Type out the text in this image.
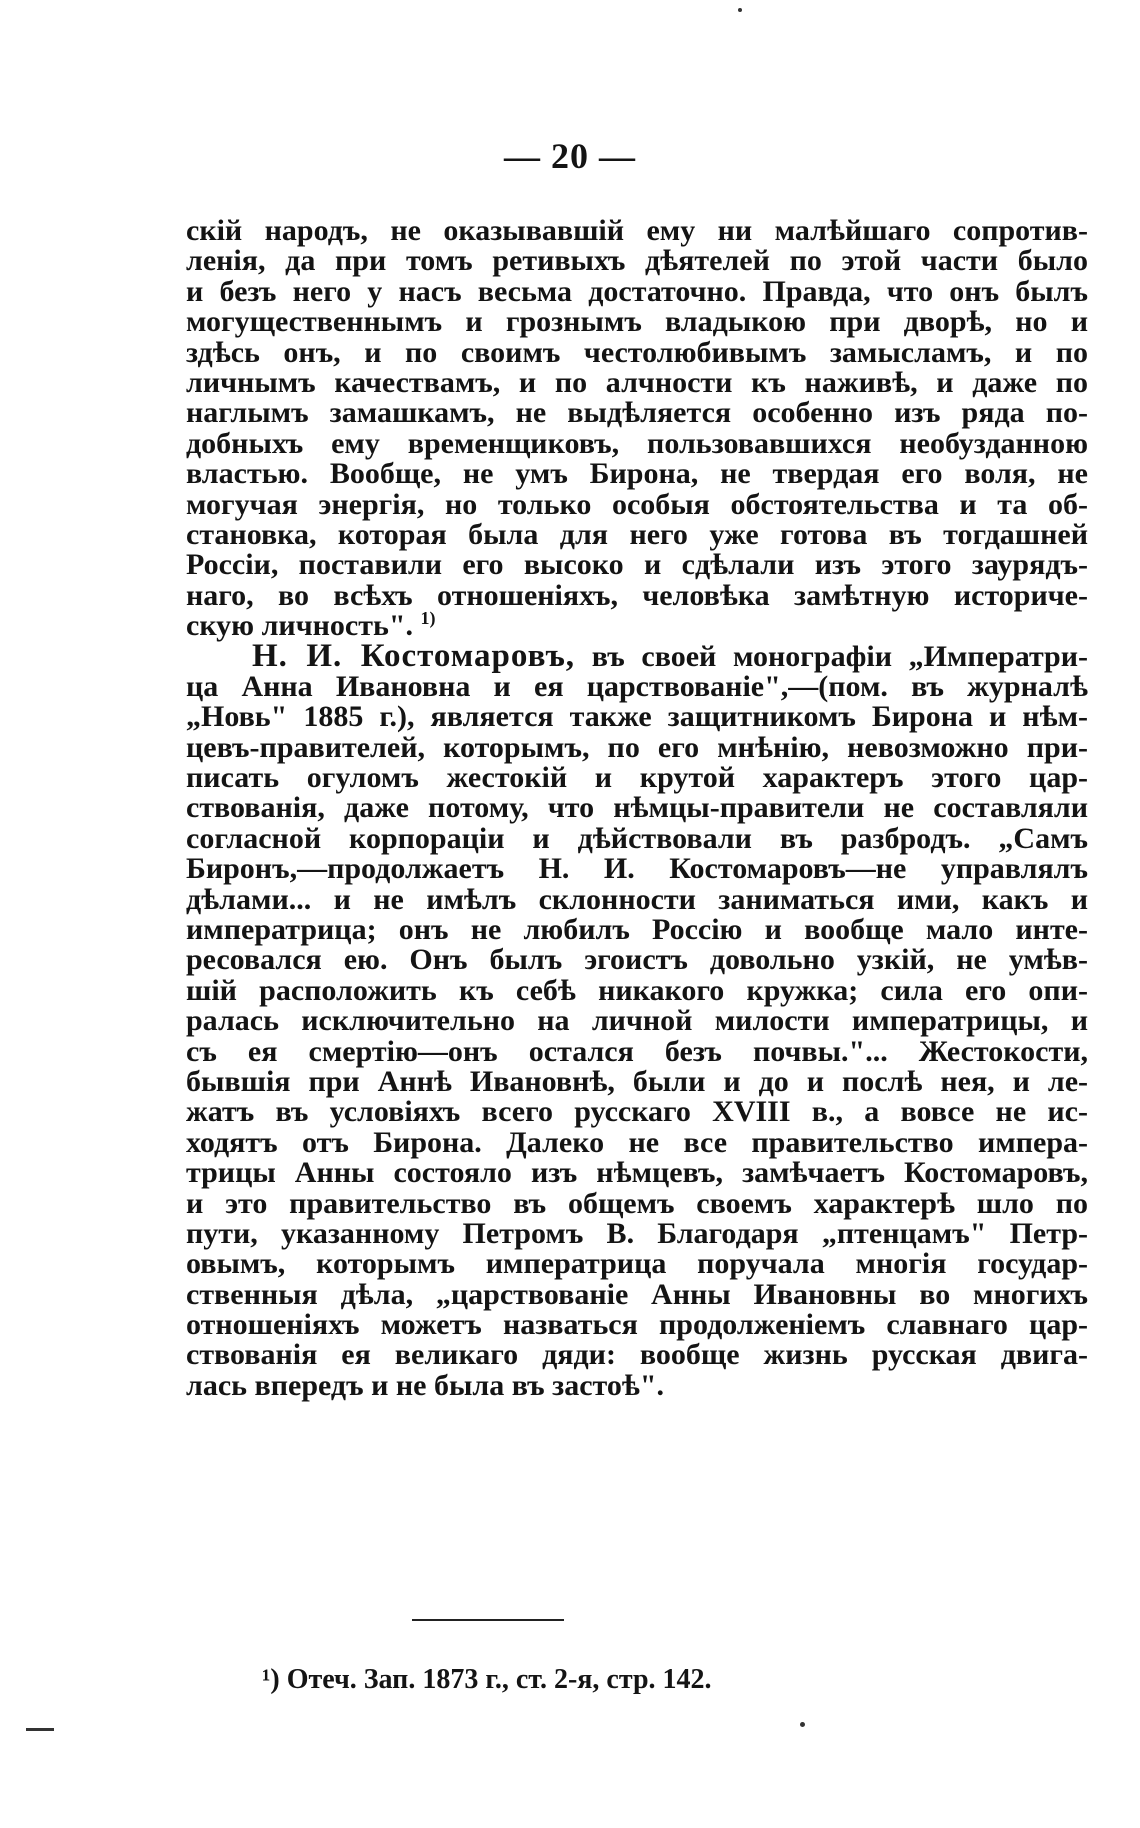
— 20 —
скій народъ, не оказывавшій ему ни малѣйшаго сопротив-
ленія, да при томъ ретивыхъ дѣятелей по этой части было
и безъ него у насъ весьма достаточно. Правда, что онъ былъ
могущественнымъ и грознымъ владыкою при дворѣ, но и
здѣсь онъ, и по своимъ честолюбивымъ замысламъ, и по
личнымъ качествамъ, и по алчности къ наживѣ, и даже по
наглымъ замашкамъ, не выдѣляется особенно изъ ряда по-
добныхъ ему временщиковъ, пользовавшихся необузданною
властью. Вообще, не умъ Бирона, не твердая его воля, не
могучая энергія, но только особыя обстоятельства и та об-
становка, которая была для него уже готова въ тогдашней
Россіи, поставили его высоко и сдѣлали изъ этого заурядъ-
наго, во всѣхъ отношеніяхъ, человѣка замѣтную историче-
скую личность". $^{1)}$
Н. И. Костомаровъ, въ своей монографіи „Императри-
ца Анна Ивановна и ея царствованіе",—(пом. въ журналѣ
„Новь" 1885 г.), является также защитникомъ Бирона и нѣм-
цевъ-правителей, которымъ, по его мнѣнію, невозможно при-
писать огуломъ жестокій и крутой характеръ этого цар-
ствованія, даже потому, что нѣмцы-правители не составляли
согласной корпораціи и дѣйствовали въ разбродъ. „Самъ
Биронъ,—продолжаетъ Н. И. Костомаровъ—не управлялъ
дѣлами... и не имѣлъ склонности заниматься ими, какъ и
императрица; онъ не любилъ Россію и вообще мало инте-
ресовался ею. Онъ былъ эгоистъ довольно узкій, не умѣв-
шій расположить къ себѣ никакого кружка; сила его опи-
ралась исключительно на личной милости императрицы, и
съ ея смертію—онъ остался безъ почвы."... Жестокости,
бывшія при Аннѣ Ивановнѣ, были и до и послѣ нея, и ле-
жатъ въ условіяхъ всего русскаго XVIII в., а вовсе не ис-
ходятъ отъ Бирона. Далеко не все правительство импера-
трицы Анны состояло изъ нѣмцевъ, замѣчаетъ Костомаровъ,
и это правительство въ общемъ своемъ характерѣ шло по
пути, указанному Петромъ В. Благодаря „птенцамъ" Петр-
овымъ, которымъ императрица поручала многія государ-
ственныя дѣла, „царствованіе Анны Ивановны во многихъ
отношеніяхъ можетъ назваться продолженіемъ славнаго цар-
ствованія ея великаго дяди: вообще жизнь русская двига-
лась впередъ и не была въ застоѣ".
¹) Отеч. Зап. 1873 г., ст. 2-я, стр. 142.
